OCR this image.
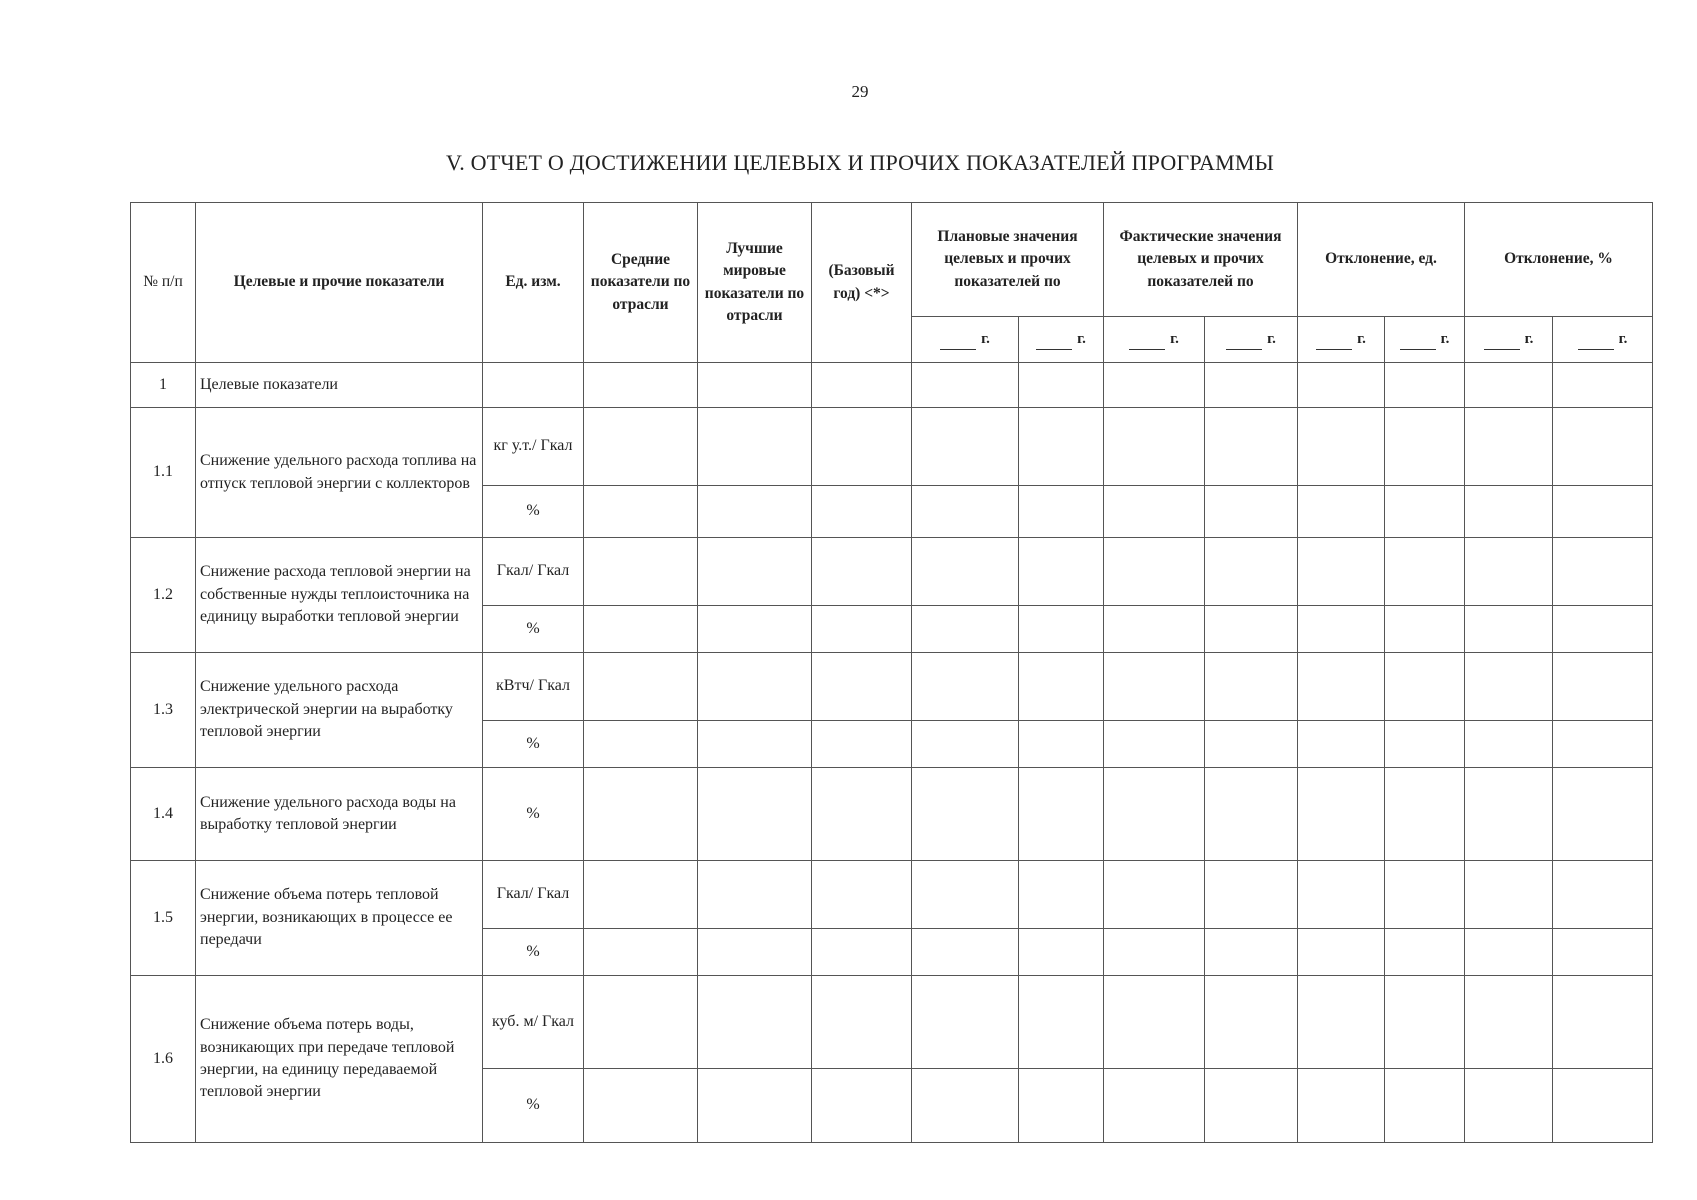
29
V. ОТЧЕТ О ДОСТИЖЕНИИ ЦЕЛЕВЫХ И ПРОЧИХ ПОКАЗАТЕЛЕЙ ПРОГРАММЫ
№ п/п	Целевые и прочие показатели	Ед. изм.	Средние показатели по отрасли	Лучшие мировые показатели по отрасли	(Базовый год) <*>	Плановые значения целевых и прочих показателей по		Фактические значения целевых и прочих показателей по		Отклонение, ед.		Отклонение, %	
						г.	г.	г.	г.	г.	г.	г.	г.
1	Целевые показатели												
1.1	Снижение удельного расхода топлива на отпуск тепловой энергии с коллекторов	кг у.т./ Гкал											
		%											
1.2	Снижение расхода тепловой энергии на собственные нужды теплоисточника на единицу выработки тепловой энергии	Гкал/ Гкал											
		%											
1.3	Снижение удельного расхода электрической энергии на выработку тепловой энергии	кВтч/ Гкал											
		%											
1.4	Снижение удельного расхода воды на выработку тепловой энергии	%											
1.5	Снижение объема потерь тепловой энергии, возникающих в процессе ее передачи	Гкал/ Гкал											
		%											
1.6	Снижение объема потерь воды, возникающих при передаче тепловой энергии, на единицу передаваемой тепловой энергии	куб. м/ Гкал											
		%											
